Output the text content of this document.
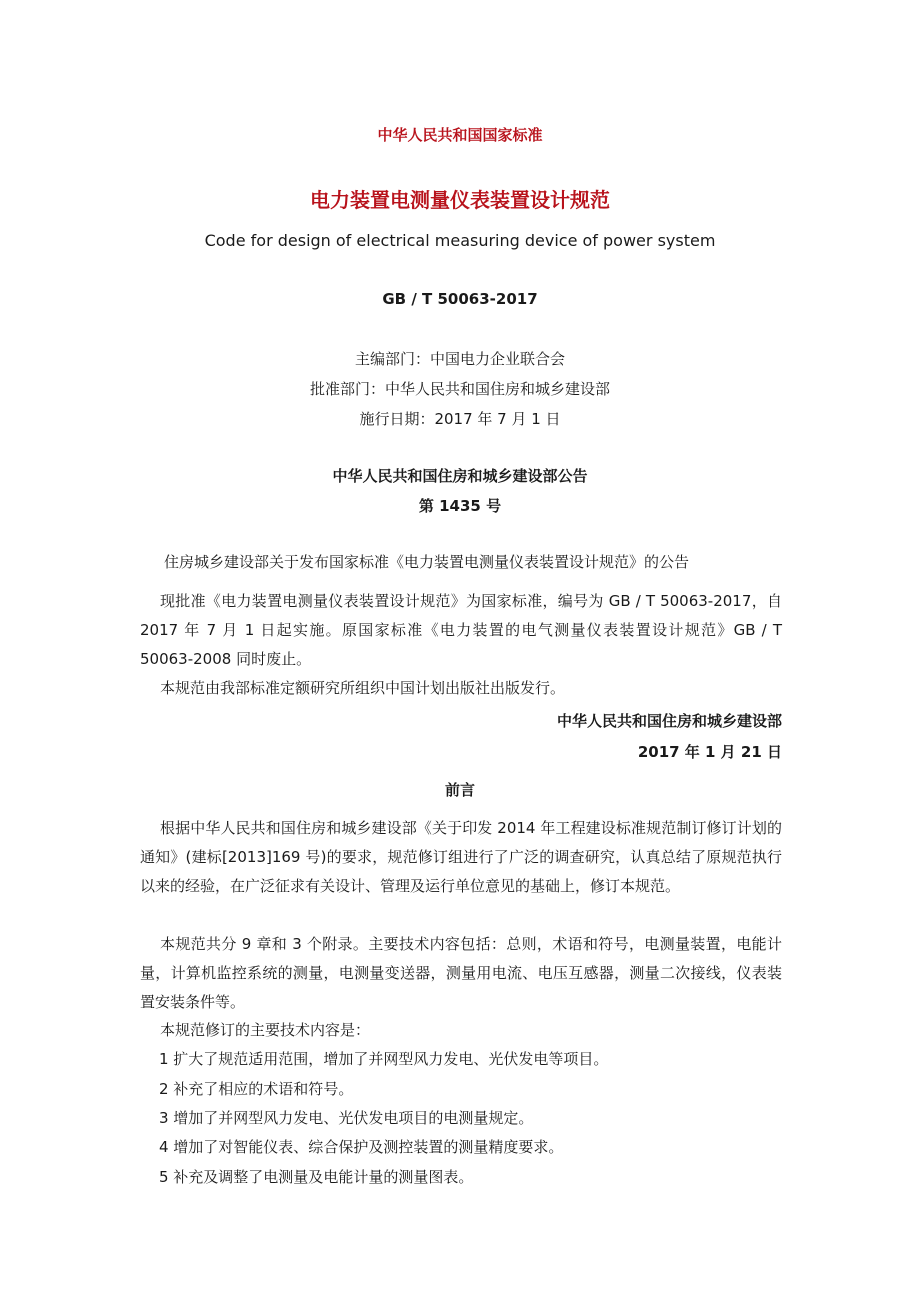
中华人民共和国国家标准
电力装置电测量仪表装置设计规范
Code for design of electrical measuring device of power system
GB / T 50063-2017
主编部门：中国电力企业联合会
批准部门：中华人民共和国住房和城乡建设部
施行日期：2017 年 7 月 1 日
中华人民共和国住房和城乡建设部公告
第 1435 号
住房城乡建设部关于发布国家标准《电力装置电测量仪表装置设计规范》的公告
现批准《电力装置电测量仪表装置设计规范》为国家标准，编号为 GB / T 50063-2017，自 2017 年 7 月 1 日起实施。原国家标准《电力装置的电气测量仪表装置设计规范》GB / T 50063-2008 同时废止。
本规范由我部标准定额研究所组织中国计划出版社出版发行。
中华人民共和国住房和城乡建设部
2017 年 1 月 21 日
前言
根据中华人民共和国住房和城乡建设部《关于印发 2014 年工程建设标准规范制订修订计划的通知》(建标[2013]169 号)的要求，规范修订组进行了广泛的调查研究，认真总结了原规范执行以来的经验，在广泛征求有关设计、管理及运行单位意见的基础上，修订本规范。
本规范共分 9 章和 3 个附录。主要技术内容包括：总则，术语和符号，电测量装置，电能计量，计算机监控系统的测量，电测量变送器，测量用电流、电压互感器，测量二次接线，仪表装置安装条件等。
本规范修订的主要技术内容是：
1 扩大了规范适用范围，增加了并网型风力发电、光伏发电等项目。
2 补充了相应的术语和符号。
3 增加了并网型风力发电、光伏发电项目的电测量规定。
4 增加了对智能仪表、综合保护及测控装置的测量精度要求。
5 补充及调整了电测量及电能计量的测量图表。
